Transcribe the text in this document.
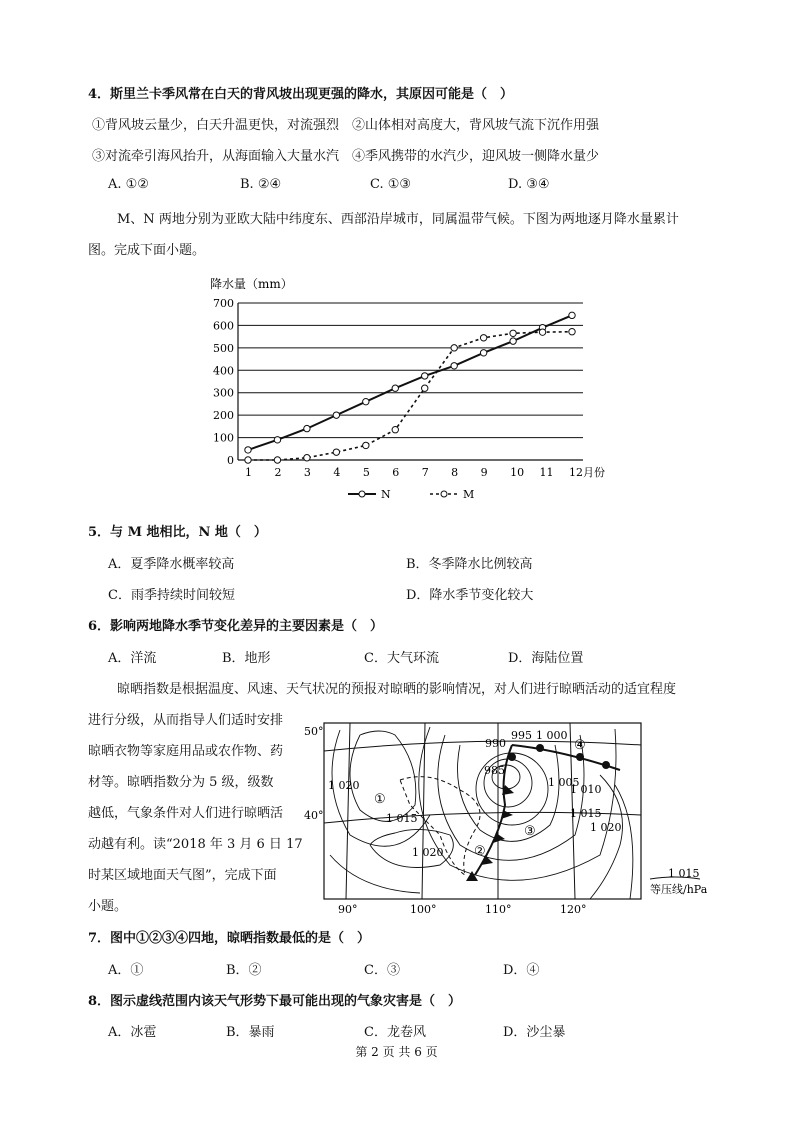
4．斯里兰卡季风常在白天的背风坡出现更强的降水，其原因可能是（　）
①背风坡云量少，白天升温更快，对流强烈　②山体相对高度大，背风坡气流下沉作用强
③对流牵引海风抬升，从海面输入大量水汽　④季风携带的水汽少，迎风坡一侧降水量少
A. ①②	B. ②④	C. ①③	D. ③④
M、N 两地分别为亚欧大陆中纬度东、西部沿岸城市，同属温带气候。下图为两地逐月降水量累计
图。完成下面小题。
降水量（mm）
0
100
200
300
400
500
600
700
1 2 3 4 5 6 7 8 9 10 11 12月份
N	M
5．与 M 地相比，N 地（　）
A．夏季降水概率较高	B．冬季降水比例较高
C．雨季持续时间较短	D．降水季节变化较大
6．影响两地降水季节变化差异的主要因素是（　）
A．洋流	B．地形	C．大气环流	D．海陆位置
晾晒指数是根据温度、风速、天气状况的预报对晾晒的影响情况，对人们进行晾晒活动的适宜程度
进行分级，从而指导人们适时安排
晾晒衣物等家庭用品或农作物、药
材等。晾晒指数分为 5 级，级数
越低，气象条件对人们进行晾晒活
动越有利。读“2018 年 3 月 6 日 17
时某区域地面天气图”，完成下面
小题。
50°
40°
90°	100°	110°	120°
990
995 1 000
985
1 005
1 010
1 015
1 020
1 020
1 015
1 020
①
②
③
④
1 015
等压线/hPa
7．图中①②③④四地，晾晒指数最低的是（　）
A．①	B．②	C．③	D．④
8．图示虚线范围内该天气形势下最可能出现的气象灾害是（　）
A．冰雹	B．暴雨	C．龙卷风	D．沙尘暴
第 2 页 共 6 页
